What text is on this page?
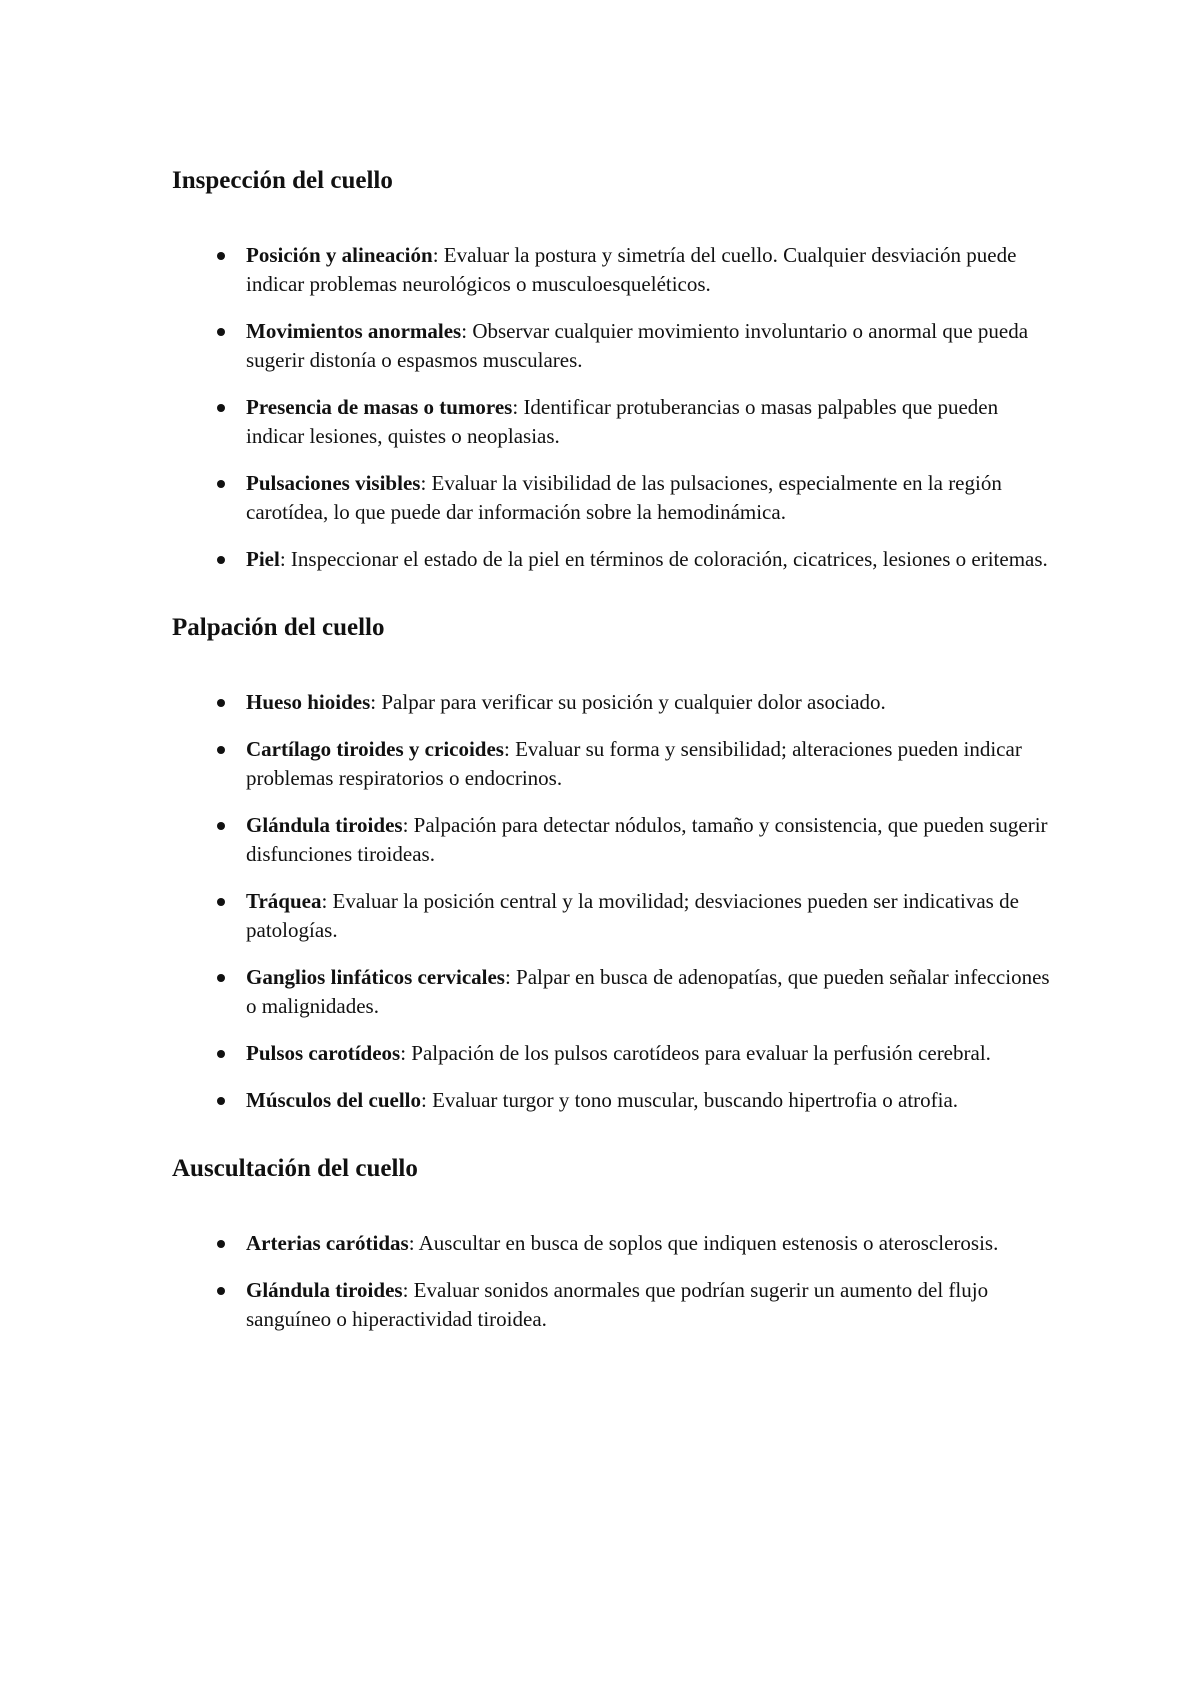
Inspección del cuello
Posición y alineación: Evaluar la postura y simetría del cuello. Cualquier desviación puede indicar problemas neurológicos o musculoesqueléticos.
Movimientos anormales: Observar cualquier movimiento involuntario o anormal que pueda sugerir distonía o espasmos musculares.
Presencia de masas o tumores: Identificar protuberancias o masas palpables que pueden indicar lesiones, quistes o neoplasias.
Pulsaciones visibles: Evaluar la visibilidad de las pulsaciones, especialmente en la región carotídea, lo que puede dar información sobre la hemodinámica.
Piel: Inspeccionar el estado de la piel en términos de coloración, cicatrices, lesiones o eritemas.
Palpación del cuello
Hueso hioides: Palpar para verificar su posición y cualquier dolor asociado.
Cartílago tiroides y cricoides: Evaluar su forma y sensibilidad; alteraciones pueden indicar problemas respiratorios o endocrinos.
Glándula tiroides: Palpación para detectar nódulos, tamaño y consistencia, que pueden sugerir disfunciones tiroideas.
Tráquea: Evaluar la posición central y la movilidad; desviaciones pueden ser indicativas de patologías.
Ganglios linfáticos cervicales: Palpar en busca de adenopatías, que pueden señalar infecciones o malignidades.
Pulsos carotídeos: Palpación de los pulsos carotídeos para evaluar la perfusión cerebral.
Músculos del cuello: Evaluar turgor y tono muscular, buscando hipertrofia o atrofia.
Auscultación del cuello
Arterias carótidas: Auscultar en busca de soplos que indiquen estenosis o aterosclerosis.
Glándula tiroides: Evaluar sonidos anormales que podrían sugerir un aumento del flujo sanguíneo o hiperactividad tiroidea.
